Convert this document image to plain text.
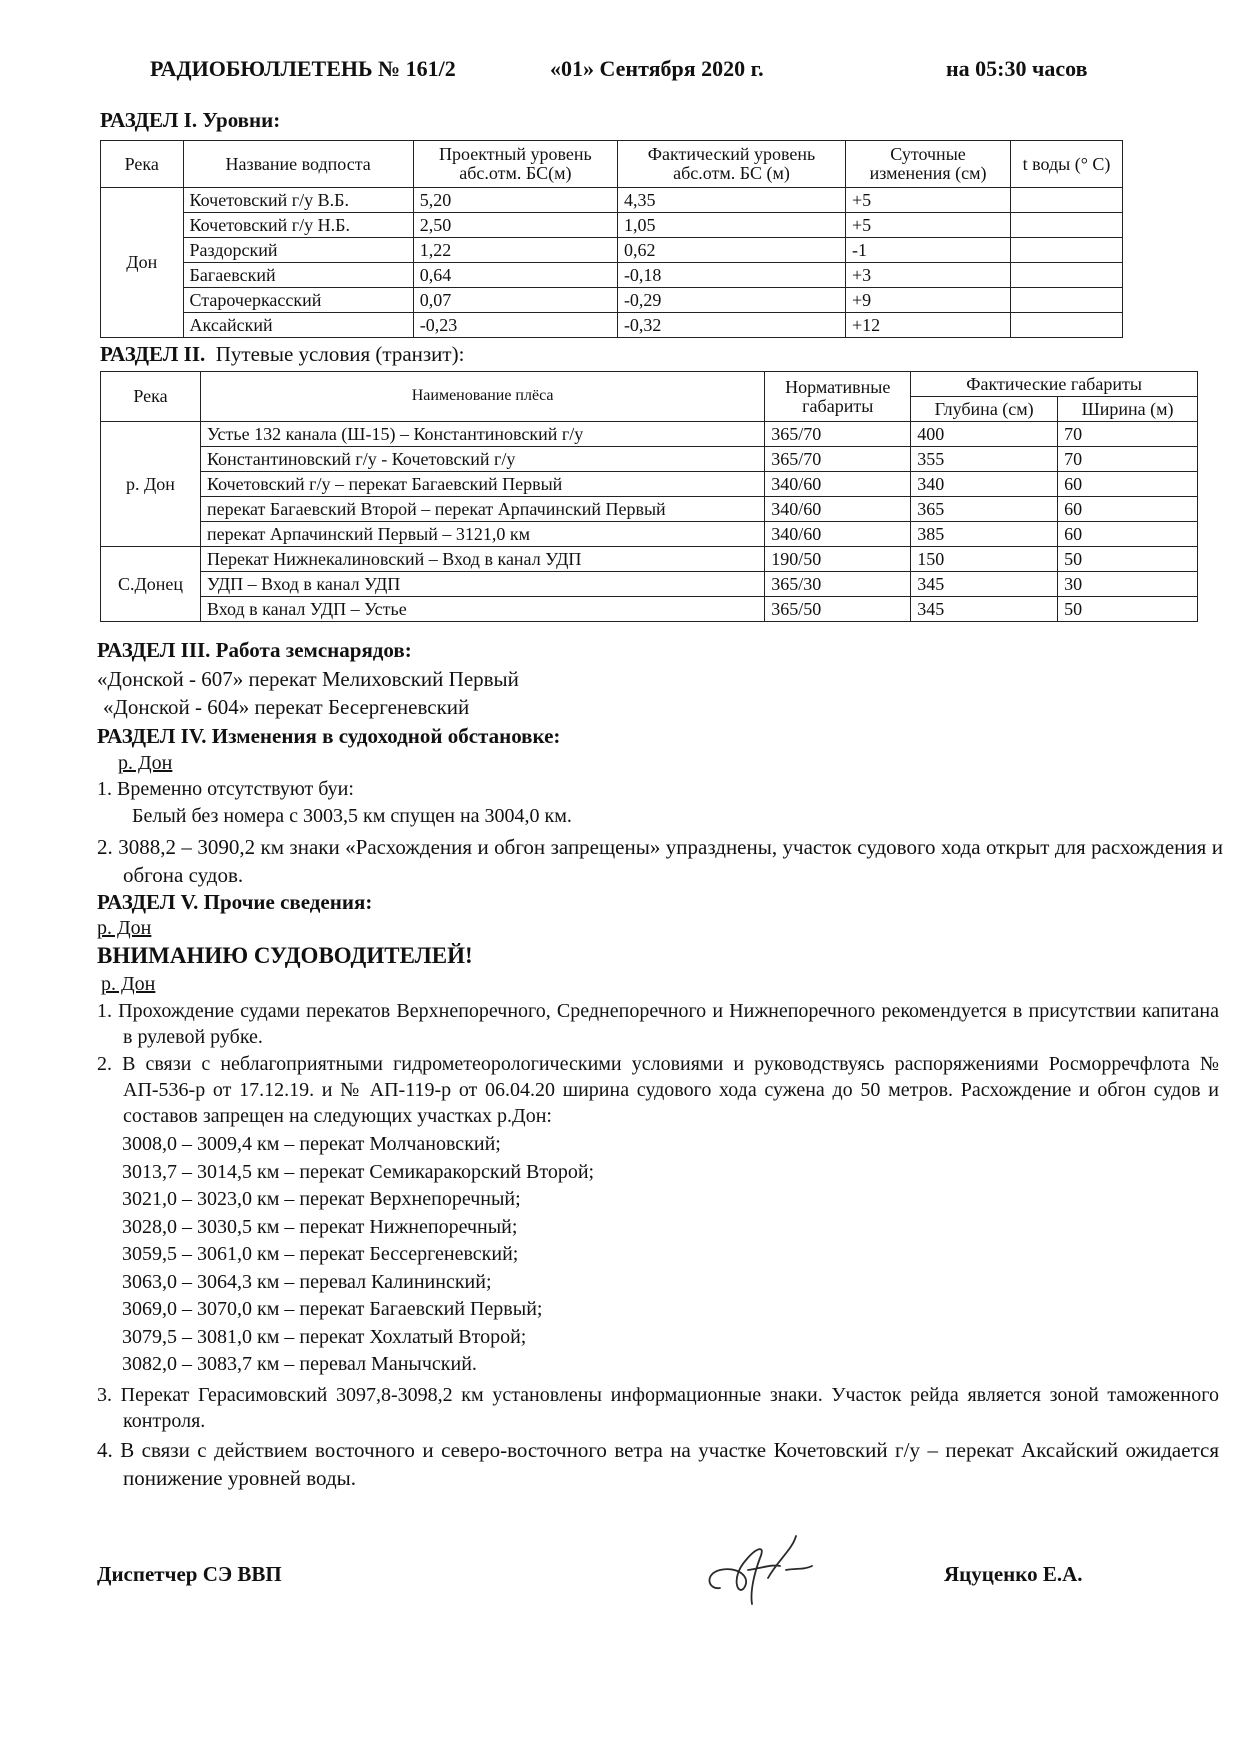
РАДИОБЮЛЛЕТЕНЬ № 161/2	«01» Сентября 2020 г.	на 05:30 часов
РАЗДЕЛ I. Уровни:
Река	Название водпоста	Проектный уровень абс.отм. БС(м)	Фактический уровень абс.отм. БС (м)	Суточные изменения (см)	t воды (° С)
Дон	Кочетовский г/у В.Б.	5,20	4,35	+5	
	Кочетовский г/у Н.Б.	2,50	1,05	+5	
	Раздорский	1,22	0,62	-1	
	Багаевский	0,64	-0,18	+3	
	Старочеркасский	0,07	-0,29	+9	
	Аксайский	-0,23	-0,32	+12	
РАЗДЕЛ II. Путевые условия (транзит):
Река	Наименование плёса	Нормативные габариты	Фактические габариты	
			Глубина (см)	Ширина (м)
р. Дон	Устье 132 канала (Ш-15) – Константиновский г/у	365/70	400	70
	Константиновский г/у - Кочетовский г/у	365/70	355	70
	Кочетовский г/у – перекат Багаевский Первый	340/60	340	60
	перекат Багаевский Второй – перекат Арпачинский Первый	340/60	365	60
	перекат Арпачинский Первый – 3121,0 км	340/60	385	60
С.Донец	Перекат Нижнекалиновский – Вход в канал УДП	190/50	150	50
	УДП – Вход в канал УДП	365/30	345	30
	Вход в канал УДП – Устье	365/50	345	50
РАЗДЕЛ III. Работа земснарядов:
«Донской - 607» перекат Мелиховский Первый
«Донской - 604» перекат Бесергеневский
РАЗДЕЛ IV. Изменения в судоходной обстановке:
р. Дон
1. Временно отсутствуют буи:
Белый без номера с 3003,5 км спущен на 3004,0 км.
2. 3088,2 – 3090,2 км знаки «Расхождения и обгон запрещены» упразднены, участок судового хода открыт для расхождения и обгона судов.
РАЗДЕЛ V. Прочие сведения:
р. Дон
ВНИМАНИЮ СУДОВОДИТЕЛЕЙ!
р. Дон
1. Прохождение судами перекатов Верхнепоречного, Среднепоречного и Нижнепоречного рекомендуется в присутствии капитана в рулевой рубке.
2. В связи с неблагоприятными гидрометеорологическими условиями и руководствуясь распоряжениями Росморречфлота № АП-536-р от 17.12.19. и № АП-119-р от 06.04.20 ширина судового хода сужена до 50 метров. Расхождение и обгон судов и составов запрещен на следующих участках р.Дон:
3008,0 – 3009,4 км – перекат Молчановский;
3013,7 – 3014,5 км – перекат Семикаракорский Второй;
3021,0 – 3023,0 км – перекат Верхнепоречный;
3028,0 – 3030,5 км – перекат Нижнепоречный;
3059,5 – 3061,0 км – перекат Бессергеневский;
3063,0 – 3064,3 км – перевал Калининский;
3069,0 – 3070,0 км – перекат Багаевский Первый;
3079,5 – 3081,0 км – перекат Хохлатый Второй;
3082,0 – 3083,7 км – перевал Манычский.
3. Перекат Герасимовский 3097,8-3098,2 км установлены информационные знаки. Участок рейда является зоной таможенного контроля.
4. В связи с действием восточного и северо-восточного ветра на участке Кочетовский г/у – перекат Аксайский ожидается понижение уровней воды.
Диспетчер СЭ ВВП	Яцуценко Е.А.
